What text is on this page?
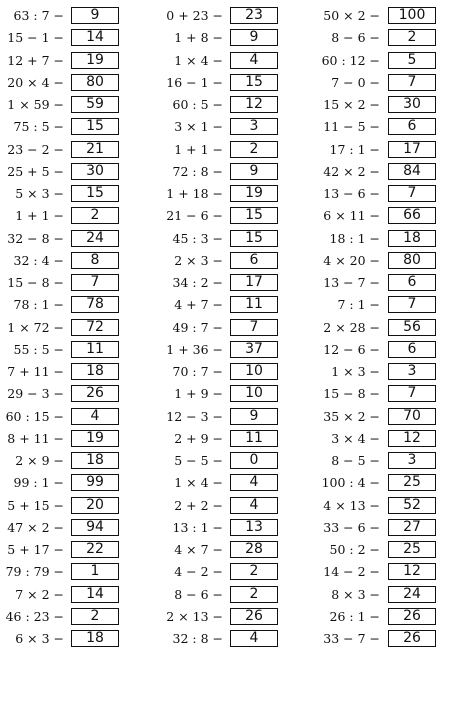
63 : 7 −	9
15 − 1 −	14
12 + 7 −	19
20 × 4 −	80
1 × 59 −	59
75 : 5 −	15
23 − 2 −	21
25 + 5 −	30
5 × 3 −	15
1 + 1 −	2
32 − 8 −	24
32 : 4 −	8
15 − 8 −	7
78 : 1 −	78
1 × 72 −	72
55 : 5 −	11
7 + 11 −	18
29 − 3 −	26
60 : 15 −	4
8 + 11 −	19
2 × 9 −	18
99 : 1 −	99
5 + 15 −	20
47 × 2 −	94
5 + 17 −	22
79 : 79 −	1
7 × 2 −	14
46 : 23 −	2
6 × 3 −	18
0 + 23 −	23
1 + 8 −	9
1 × 4 −	4
16 − 1 −	15
60 : 5 −	12
3 × 1 −	3
1 + 1 −	2
72 : 8 −	9
1 + 18 −	19
21 − 6 −	15
45 : 3 −	15
2 × 3 −	6
34 : 2 −	17
4 + 7 −	11
49 : 7 −	7
1 + 36 −	37
70 : 7 −	10
1 + 9 −	10
12 − 3 −	9
2 + 9 −	11
5 − 5 −	0
1 × 4 −	4
2 + 2 −	4
13 : 1 −	13
4 × 7 −	28
4 − 2 −	2
8 − 6 −	2
2 × 13 −	26
32 : 8 −	4
50 × 2 −	100
8 − 6 −	2
60 : 12 −	5
7 − 0 −	7
15 × 2 −	30
11 − 5 −	6
17 : 1 −	17
42 × 2 −	84
13 − 6 −	7
6 × 11 −	66
18 : 1 −	18
4 × 20 −	80
13 − 7 −	6
7 : 1 −	7
2 × 28 −	56
12 − 6 −	6
1 × 3 −	3
15 − 8 −	7
35 × 2 −	70
3 × 4 −	12
8 − 5 −	3
100 : 4 −	25
4 × 13 −	52
33 − 6 −	27
50 : 2 −	25
14 − 2 −	12
8 × 3 −	24
26 : 1 −	26
33 − 7 −	26
